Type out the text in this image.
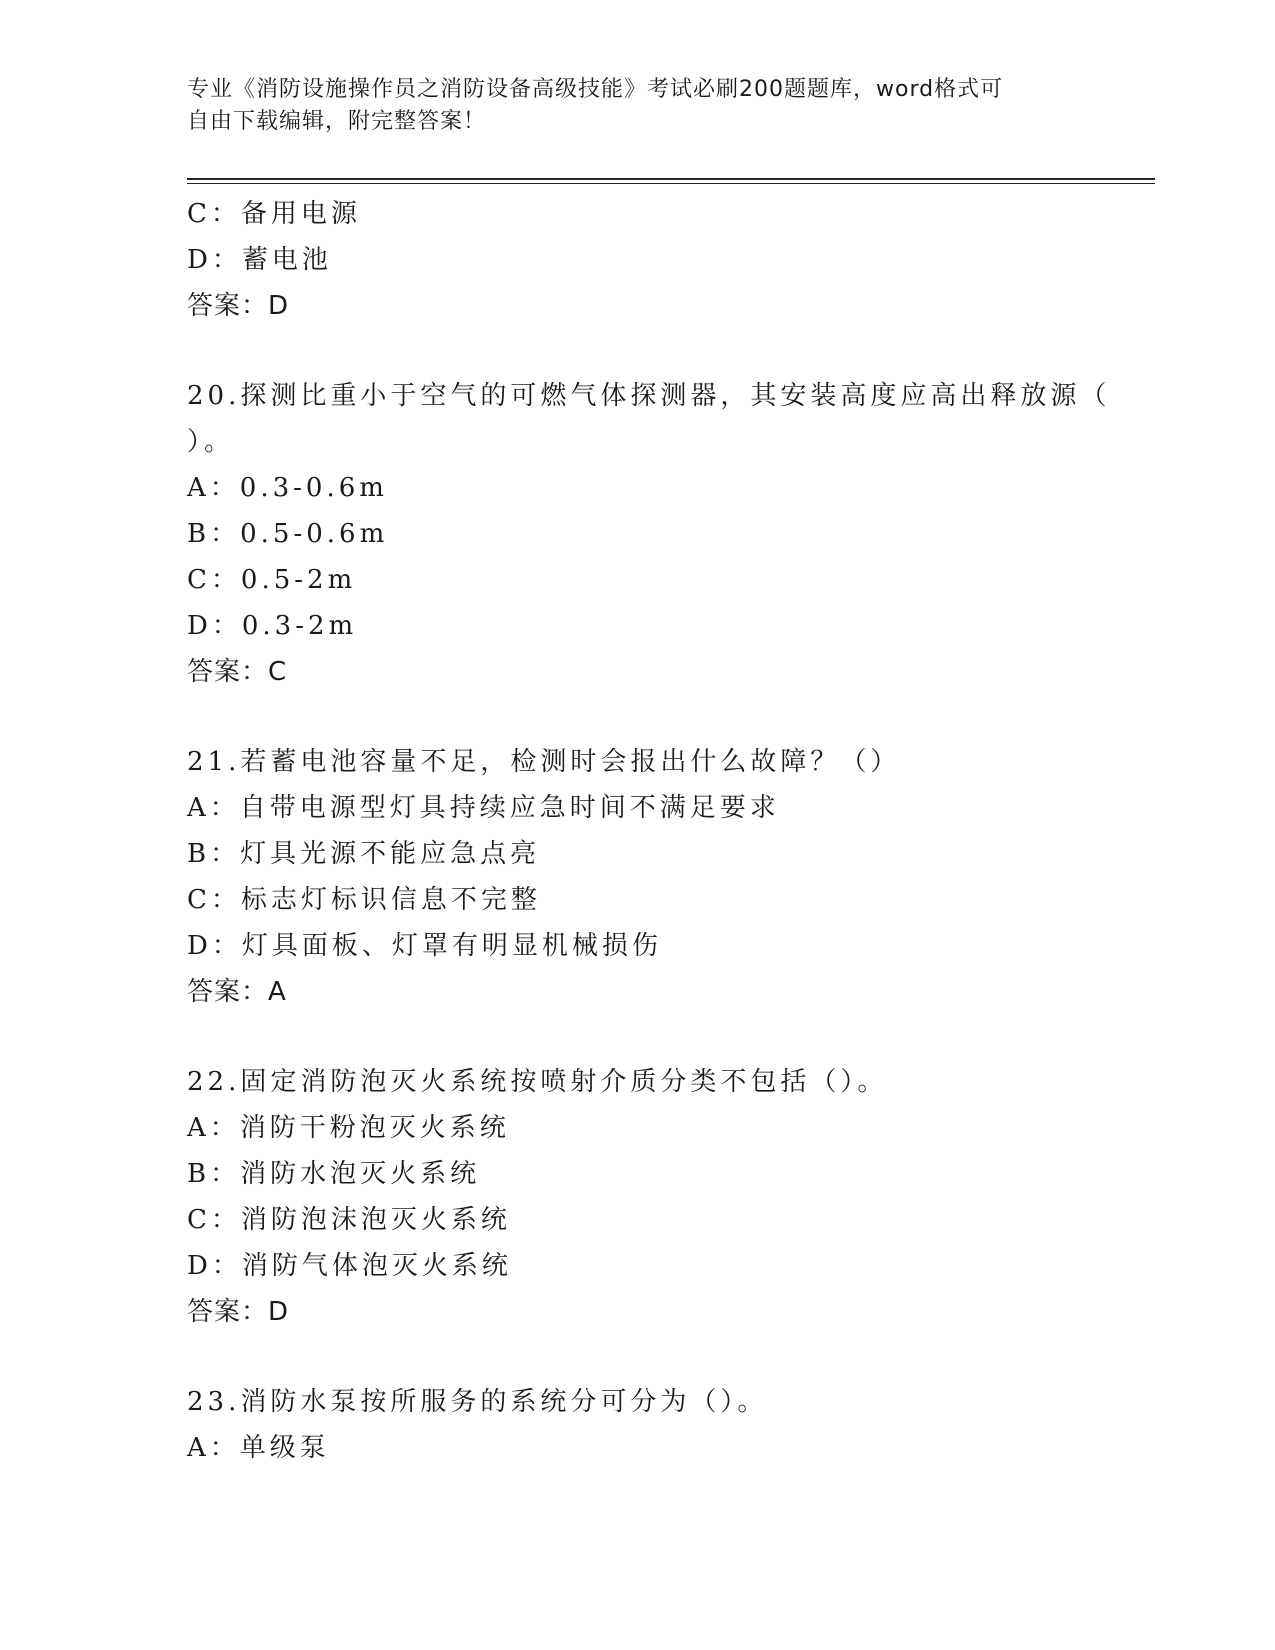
专业《消防设施操作员之消防设备高级技能》考试必刷200题题库，word格式可
自由下载编辑，附完整答案！
C：备用电源
D：蓄电池
答案：D
20.探测比重小于空气的可燃气体探测器，其安装高度应高出释放源（
）。
A：0.3-0.6m
B：0.5-0.6m
C：0.5-2m
D：0.3-2m
答案：C
21.若蓄电池容量不足，检测时会报出什么故障？（）
A：自带电源型灯具持续应急时间不满足要求
B：灯具光源不能应急点亮
C：标志灯标识信息不完整
D：灯具面板、灯罩有明显机械损伤
答案：A
22.固定消防泡灭火系统按喷射介质分类不包括（）。
A：消防干粉泡灭火系统
B：消防水泡灭火系统
C：消防泡沫泡灭火系统
D：消防气体泡灭火系统
答案：D
23.消防水泵按所服务的系统分可分为（）。
A：单级泵
